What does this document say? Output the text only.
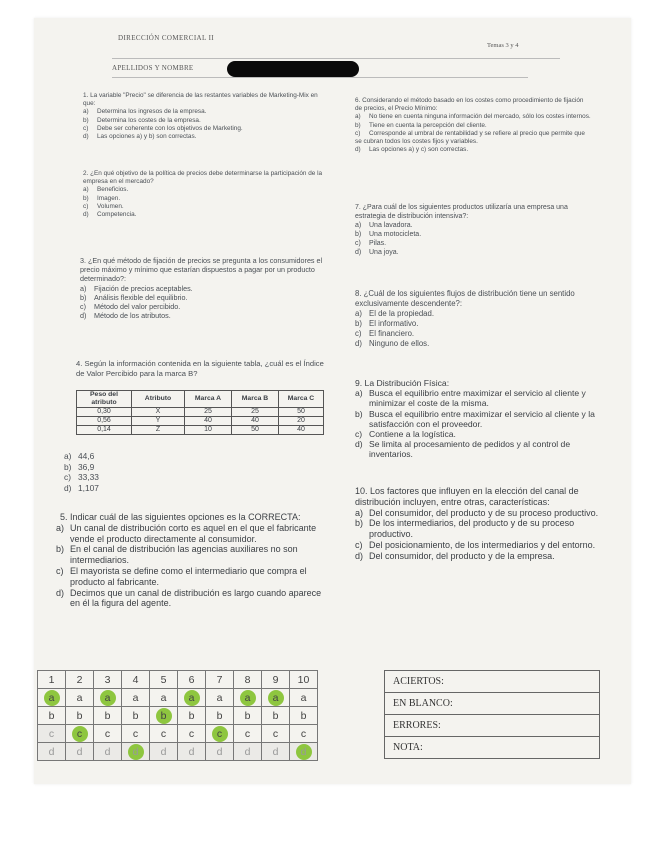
DIRECCIÓN COMERCIAL II
Temas 3 y 4
APELLIDOS Y NOMBRE
1. La variable "Precio" se diferencia de las restantes variables de Marketing-Mix en que:
a) Determina los ingresos de la empresa.
b) Determina los costes de la empresa.
c) Debe ser coherente con los objetivos de Marketing.
d) Las opciones a) y b) son correctas.
2. ¿En qué objetivo de la política de precios debe determinarse la participación de la empresa en el mercado?
a) Beneficios.
b) Imagen.
c) Volumen.
d) Competencia.
3. ¿En qué método de fijación de precios se pregunta a los consumidores el precio máximo y mínimo que estarían dispuestos a pagar por un producto determinado?:
a) Fijación de precios aceptables.
b) Análisis flexible del equilibrio.
c) Método del valor percibido.
d) Método de los atributos.
4. Según la información contenida en la siguiente tabla, ¿cuál es el Índice de Valor Percibido para la marca B?
Peso del atributo	Atributo	Marca A	Marca B	Marca C
0,30	X	25	25	50
0,56	Y	40	40	20
0,14	Z	10	50	40
a) 44,6
b) 36,9
c) 33,33
d) 1,107
5. Indicar cuál de las siguientes opciones es la CORRECTA:
a) Un canal de distribución corto es aquel en el que el fabricante vende el producto directamente al consumidor.
b) En el canal de distribución las agencias auxiliares no son intermediarios.
c) El mayorista se define como el intermediario que compra el producto al fabricante.
d) Decimos que un canal de distribución es largo cuando aparece en él la figura del agente.
6. Considerando el método basado en los costes como procedimiento de fijación de precios, el Precio Mínimo:
a) No tiene en cuenta ninguna información del mercado, sólo los costes internos.
b) Tiene en cuenta la percepción del cliente.
c) Corresponde al umbral de rentabilidad y se refiere al precio que permite que se cubran todos los costes fijos y variables.
d) Las opciones a) y c) son correctas.
7. ¿Para cuál de los siguientes productos utilizaría una empresa una estrategia de distribución intensiva?:
a) Una lavadora.
b) Una motocicleta.
c) Pilas.
d) Una joya.
8. ¿Cuál de los siguientes flujos de distribución tiene un sentido exclusivamente descendente?:
a) El de la propiedad.
b) El informativo.
c) El financiero.
d) Ninguno de ellos.
9. La Distribución Física:
a) Busca el equilibrio entre maximizar el servicio al cliente y minimizar el coste de la misma.
b) Busca el equilibrio entre maximizar el servicio al cliente y la satisfacción con el proveedor.
c) Contiene a la logística.
d) Se limita al procesamiento de pedidos y al control de inventarios.
10. Los factores que influyen en la elección del canal de distribución incluyen, entre otras, características:
a) Del consumidor, del producto y de su proceso productivo.
b) De los intermediarios, del producto y de su proceso productivo.
c) Del posicionamiento, de los intermediarios y del entorno.
d) Del consumidor, del producto y de la empresa.
1	2	3	4	5	6	7	8	9	10
a	a	a	a	a	a	a	a	a	a
b	b	b	b	b	b	b	b	b	b
c	c	c	c	c	c	c	c	c	c
d	d	d	d	d	d	d	d	d	d
ACIERTOS:
EN BLANCO:
ERRORES:
NOTA:
